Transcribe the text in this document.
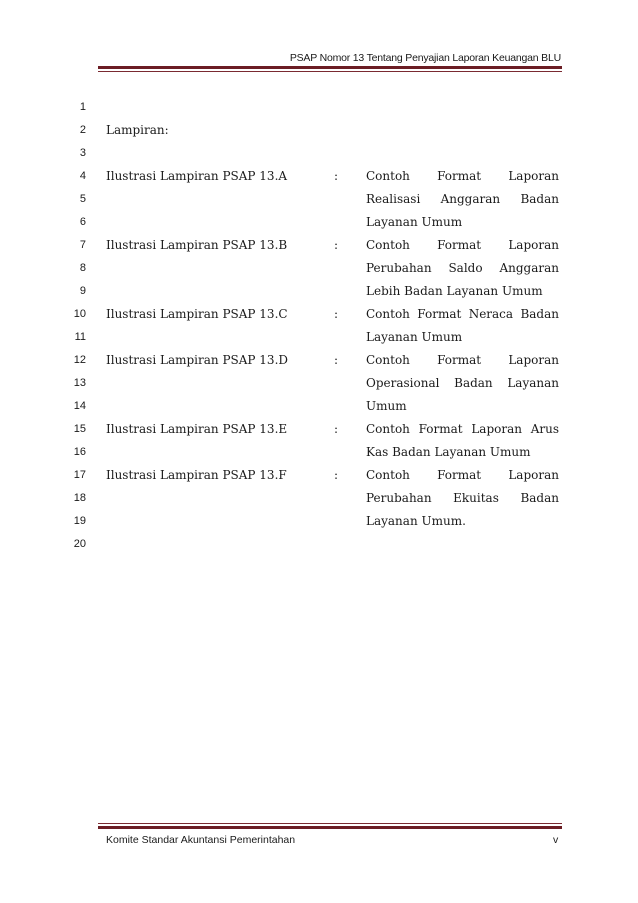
PSAP Nomor 13 Tentang Penyajian Laporan Keuangan BLU
1
2
3
4
5
6
7
8
9
10
11
12
13
14
15
16
17
18
19
20
Lampiran:
Ilustrasi Lampiran PSAP 13.A	: Contoh Format Laporan
Realisasi Anggaran Badan
Layanan Umum
Ilustrasi Lampiran PSAP 13.B	: Contoh Format Laporan
Perubahan Saldo Anggaran
Lebih Badan Layanan Umum
Ilustrasi Lampiran PSAP 13.C	: Contoh Format Neraca Badan
Layanan Umum
Ilustrasi Lampiran PSAP 13.D	: Contoh Format Laporan
Operasional Badan Layanan
Umum
Ilustrasi Lampiran PSAP 13.E	: Contoh Format Laporan Arus
Kas Badan Layanan Umum
Ilustrasi Lampiran PSAP 13.F	: Contoh Format Laporan
Perubahan Ekuitas Badan
Layanan Umum.
Komite Standar Akuntansi Pemerintahan	v
